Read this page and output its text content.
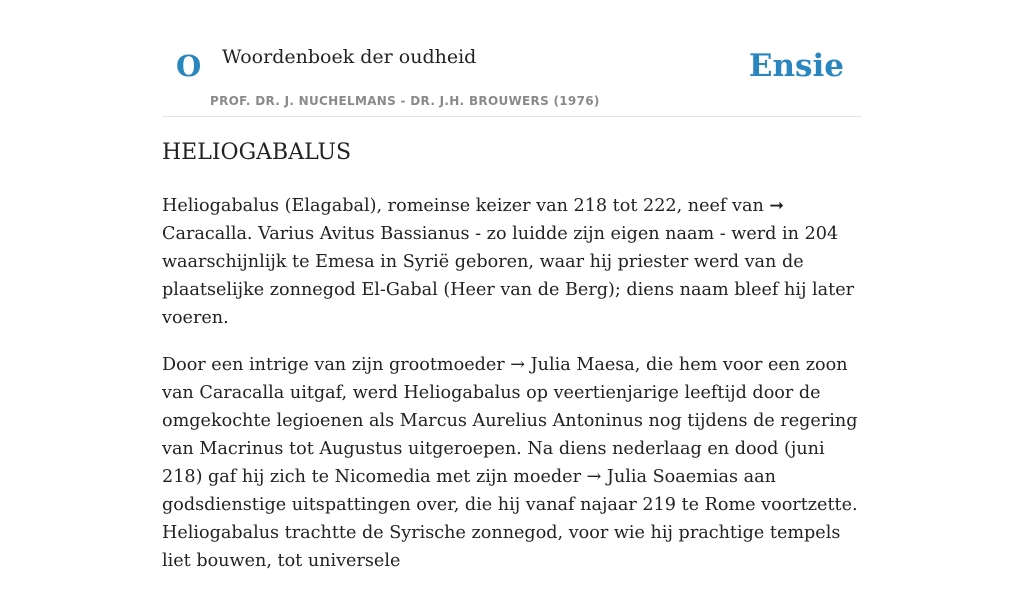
O Woordenboek der oudheid
PROF. DR. J. NUCHELMANS - DR. J.H. BROUWERS (1976)
Ensie
HELIOGABALUS

Heliogabalus (Elagabal), romeinse keizer van 218 tot 222, neef van ➞ Caracalla. Varius Avitus Bassianus - zo luidde zijn eigen naam - werd in 204 waarschijnlijk te Emesa in Syrië geboren, waar hij priester werd van de plaatselijke zonnegod El-Gabal (Heer van de Berg); diens naam bleef hij later voeren.

Door een intrige van zijn grootmoeder → Julia Maesa, die hem voor een zoon van Caracalla uitgaf, werd Heliogabalus op veertienjarige leeftijd door de omgekochte legioenen als Marcus Aurelius Antoninus nog tijdens de regering van Macrinus tot Augustus uitgeroepen. Na diens nederlaag en dood (juni 218) gaf hij zich te Nicomedia met zijn moeder → Julia Soaemias aan godsdienstige uitspattingen over, die hij vanaf najaar 219 te Rome voortzette. Heliogabalus trachtte de Syrische zonnegod, voor wie hij prachtige tempels liet bouwen, tot universele
